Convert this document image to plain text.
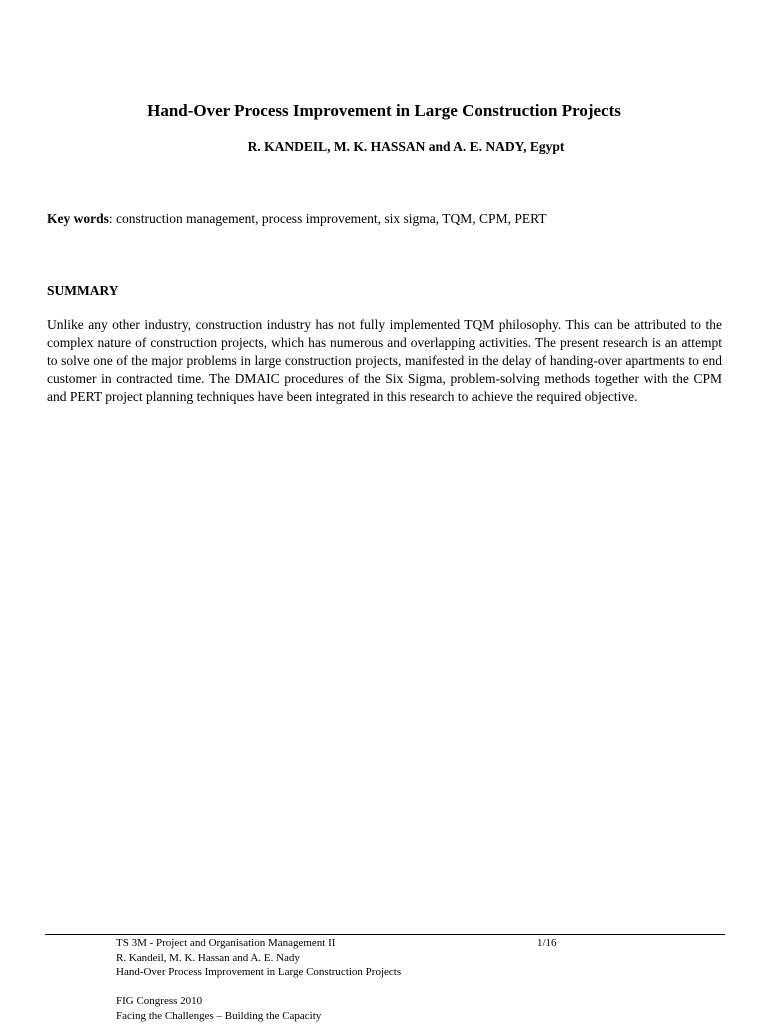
Hand-Over Process Improvement in Large Construction Projects

R. KANDEIL, M. K. HASSAN and A. E. NADY, Egypt

Key words: construction management, process improvement, six sigma, TQM, CPM, PERT

SUMMARY

Unlike any other industry, construction industry has not fully implemented TQM philosophy. This can be attributed to the complex nature of construction projects, which has numerous and overlapping activities. The present research is an attempt to solve one of the major problems in large construction projects, manifested in the delay of handing-over apartments to end customer in contracted time. The DMAIC procedures of the Six Sigma, problem-solving methods together with the CPM and PERT project planning techniques have been integrated in this research to achieve the required objective.

TS 3M - Project and Organisation Management II
R. Kandeil, M. K. Hassan and A. E. Nady
Hand-Over Process Improvement in Large Construction Projects
FIG Congress 2010
Facing the Challenges – Building the Capacity
1/16
